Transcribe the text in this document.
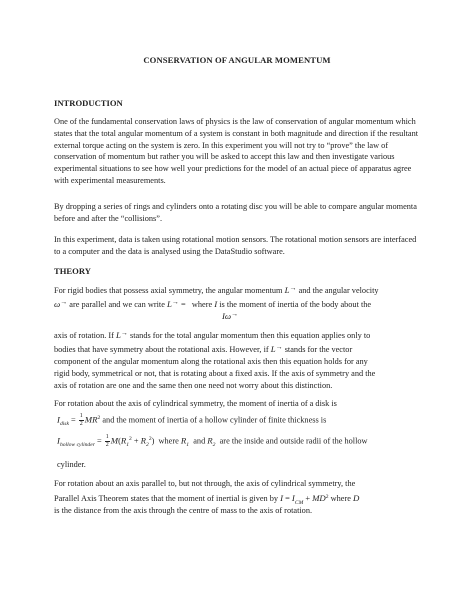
CONSERVATION OF ANGULAR MOMENTUM

INTRODUCTION

One of the fundamental conservation laws of physics is the law of conservation of angular momentum which states that the total angular momentum of a system is constant in both magnitude and direction if the resultant external torque acting on the system is zero. In this experiment you will not try to “prove” the law of conservation of momentum but rather you will be asked to accept this law and then investigate various experimental situations to see how well your predictions for the model of an actual piece of apparatus agree with experimental measurements.

By dropping a series of rings and cylinders onto a rotating disc you will be able to compare angular momenta before and after the “collisions”.

In this experiment, data is taken using rotational motion sensors. The rotational motion sensors are interfaced to a computer and the data is analysed using the DataStudio software.

THEORY

For rigid bodies that possess axial symmetry, the angular momentum L→ and the angular velocity
ω→ are parallel and we can write L→ = where I is the moment of inertia of the body about the
Iω→
axis of rotation. If L→ stands for the total angular momentum then this equation applies only to
bodies that have symmetry about the rotational axis. However, if L→ stands for the vector
component of the angular momentum along the rotational axis then this equation holds for any
rigid body, symmetrical or not, that is rotating about a fixed axis. If the axis of symmetry and the
axis of rotation are one and the same then one need not worry about this distinction.
For rotation about the axis of cylindrical symmetry, the moment of inertia of a disk is
$I_{disk} = \frac{1}{2} MR^2$ and the moment of inertia of a hollow cylinder of finite thickness is
$I_{hollow cylinder} = \frac{1}{2} M(R_1^2 + R_2^2)$  where $R_1$ and $R_2$ are the inside and outside radii of the hollow
cylinder.
For rotation about an axis parallel to, but not through, the axis of cylindrical symmetry, the
Parallel Axis Theorem states that the moment of inertial is given by $I = I_{CM} + MD^2$ where D
is the distance from the axis through the centre of mass to the axis of rotation.
